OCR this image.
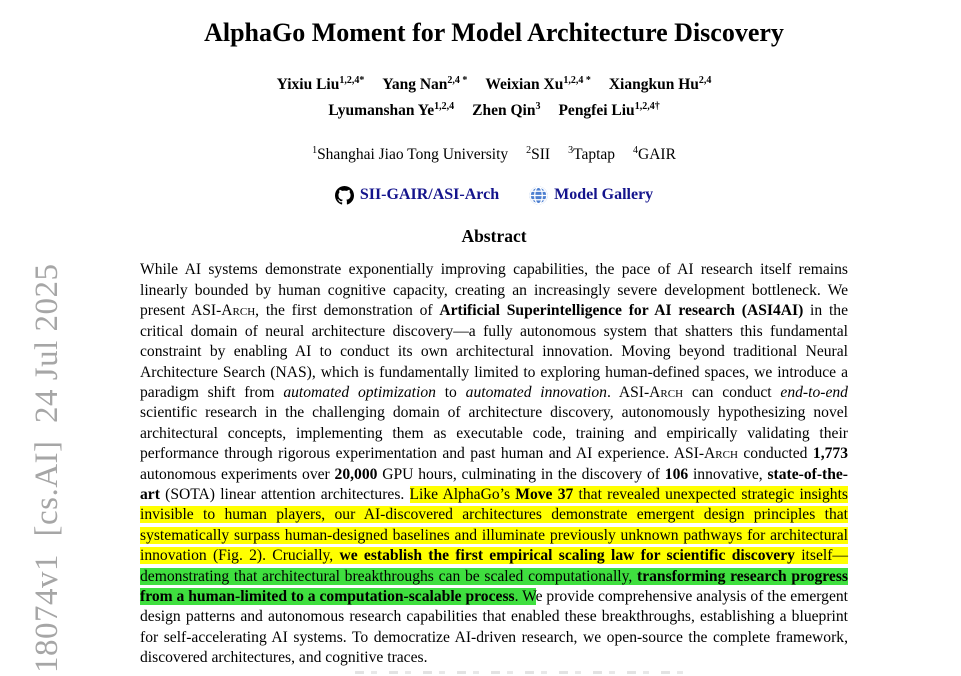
18074v1  [cs.AI]  24 Jul 2025
AlphaGo Moment for Model Architecture Discovery
Yixiu Liu$^{1,2,4*}$ Yang Nan$^{2,4 *}$ Weixian $Xu^{1,2,4 *}$ Xiangkun Hu$^{2,4}$
Lyumanshan Ye$^{1,2,4}$ Zhen Qin$^3$ Pengfei Liu$^{1,2,4\dagger}$
$^1$Shanghai Jiao Tong University $^2$SII $^3$Taptap $^4$GAIR
SII-GAIR/ASI-Arch	Model Gallery
Abstract

While AI systems demonstrate exponentially improving capabilities, the pace of AI research itself remains linearly bounded by human cognitive capacity, creating an increasingly severe development bottleneck. We present ASI-Arch, the first demonstration of Artificial Superintelligence for AI research (ASI4AI) in the critical domain of neural architecture discovery—a fully autonomous system that shatters this fundamental constraint by enabling AI to conduct its own architectural innovation. Moving beyond traditional Neural Architecture Search (NAS), which is fundamentally limited to exploring human-defined spaces, we introduce a paradigm shift from automated optimization to automated innovation. ASI-Arch can conduct end-to-end scientific research in the challenging domain of architecture discovery, autonomously hypothesizing novel architectural concepts, implementing them as executable code, training and empirically validating their performance through rigorous experimentation and past human and AI experience. ASI-Arch conducted 1,773 autonomous experiments over 20,000 GPU hours, culminating in the discovery of 106 innovative, state-of-the-art (SOTA) linear attention architectures. Like AlphaGo’s Move 37 that revealed unexpected strategic insights invisible to human players, our AI-discovered architectures demonstrate emergent design principles that systematically surpass human-designed baselines and illuminate previously unknown pathways for architectural innovation (Fig. 2). Crucially, we establish the first empirical scaling law for scientific discovery itself—demonstrating that architectural breakthroughs can be scaled computationally, transforming research progress from a human-limited to a computation-scalable process. We provide comprehensive analysis of the emergent design patterns and autonomous research capabilities that enabled these breakthroughs, establishing a blueprint for self-accelerating AI systems. To democratize AI-driven research, we open-source the complete framework, discovered architectures, and cognitive traces.
